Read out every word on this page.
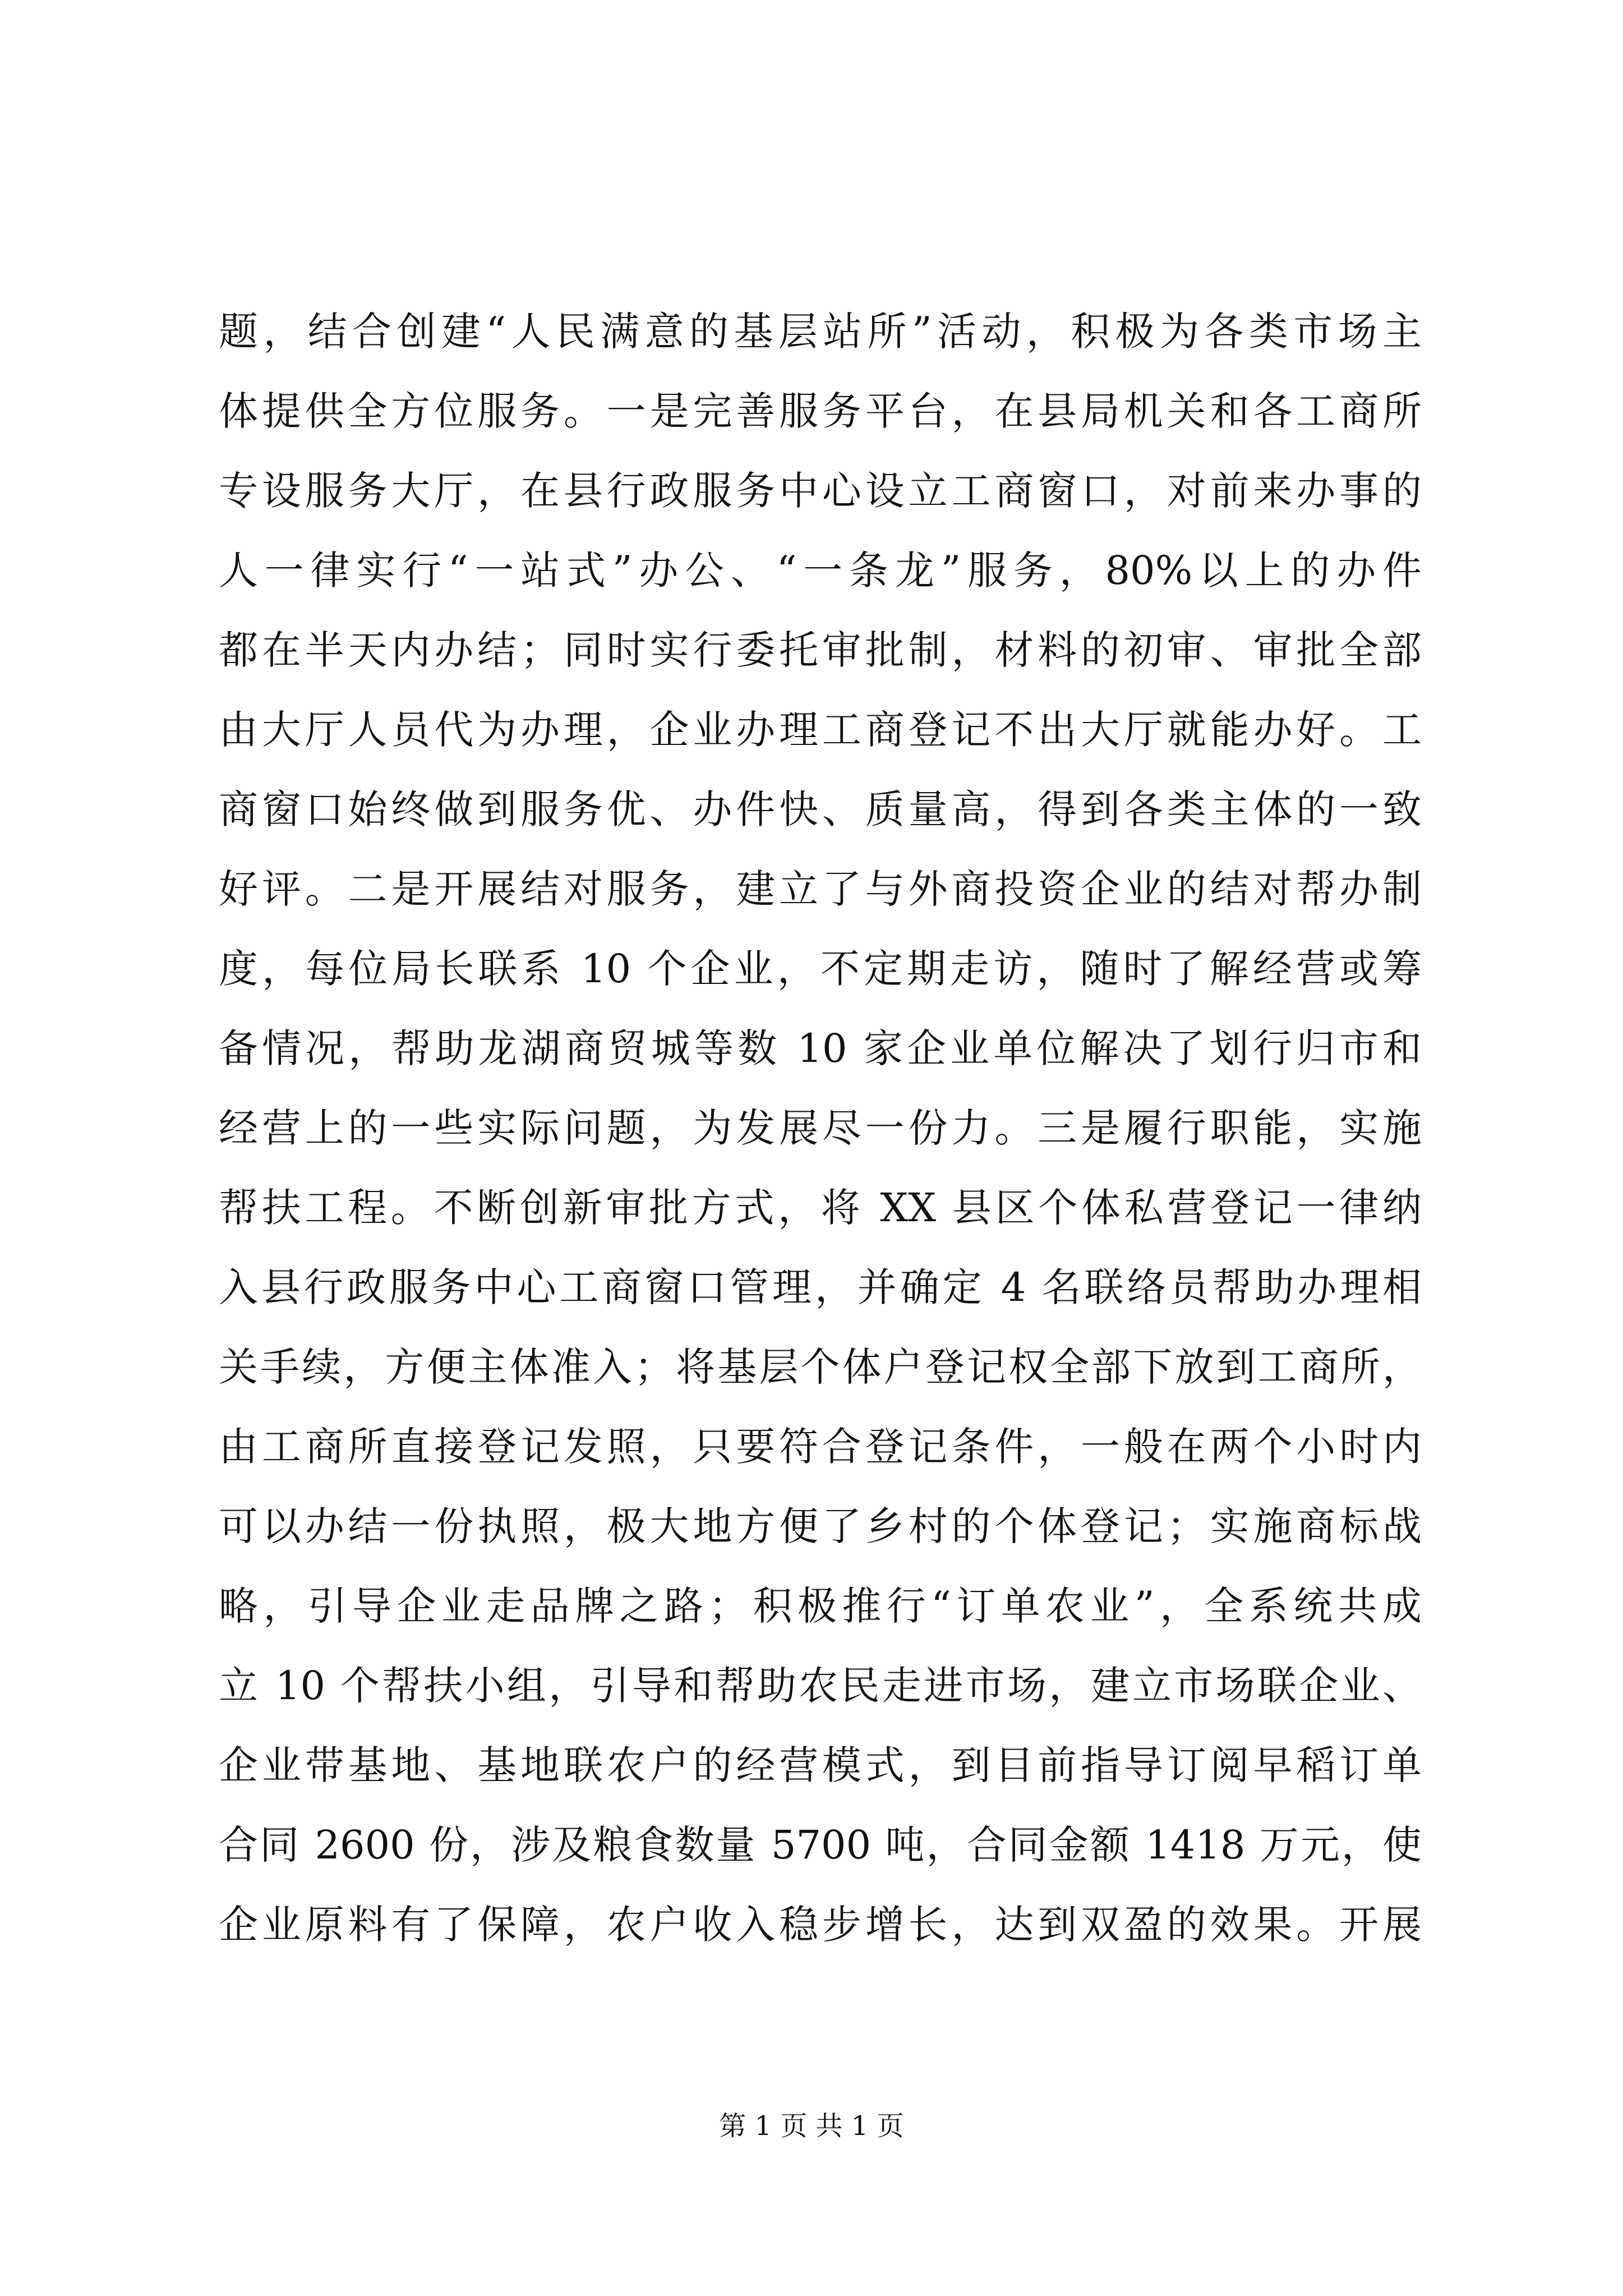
题，结合创建“人民满意的基层站所”活动，积极为各类市场主
体提供全方位服务。一是完善服务平台，在县局机关和各工商所
专设服务大厅，在县行政服务中心设立工商窗口，对前来办事的
人一律实行“一站式”办公、“一条龙”服务，80%以上的办件
都在半天内办结；同时实行委托审批制，材料的初审、审批全部
由大厅人员代为办理，企业办理工商登记不出大厅就能办好。工
商窗口始终做到服务优、办件快、质量高，得到各类主体的一致
好评。二是开展结对服务，建立了与外商投资企业的结对帮办制
度，每位局长联系 10 个企业，不定期走访，随时了解经营或筹
备情况，帮助龙湖商贸城等数 10 家企业单位解决了划行归市和
经营上的一些实际问题，为发展尽一份力。三是履行职能，实施
帮扶工程。不断创新审批方式，将 XX 县区个体私营登记一律纳
入县行政服务中心工商窗口管理，并确定 4 名联络员帮助办理相
关手续，方便主体准入；将基层个体户登记权全部下放到工商所，
由工商所直接登记发照，只要符合登记条件，一般在两个小时内
可以办结一份执照，极大地方便了乡村的个体登记；实施商标战
略，引导企业走品牌之路；积极推行“订单农业”，全系统共成
立 10 个帮扶小组，引导和帮助农民走进市场，建立市场联企业、
企业带基地、基地联农户的经营模式，到目前指导订阅早稻订单
合同 2600 份，涉及粮食数量 5700 吨，合同金额 1418 万元，使
企业原料有了保障，农户收入稳步增长，达到双盈的效果。开展
第 1 页 共 1 页
